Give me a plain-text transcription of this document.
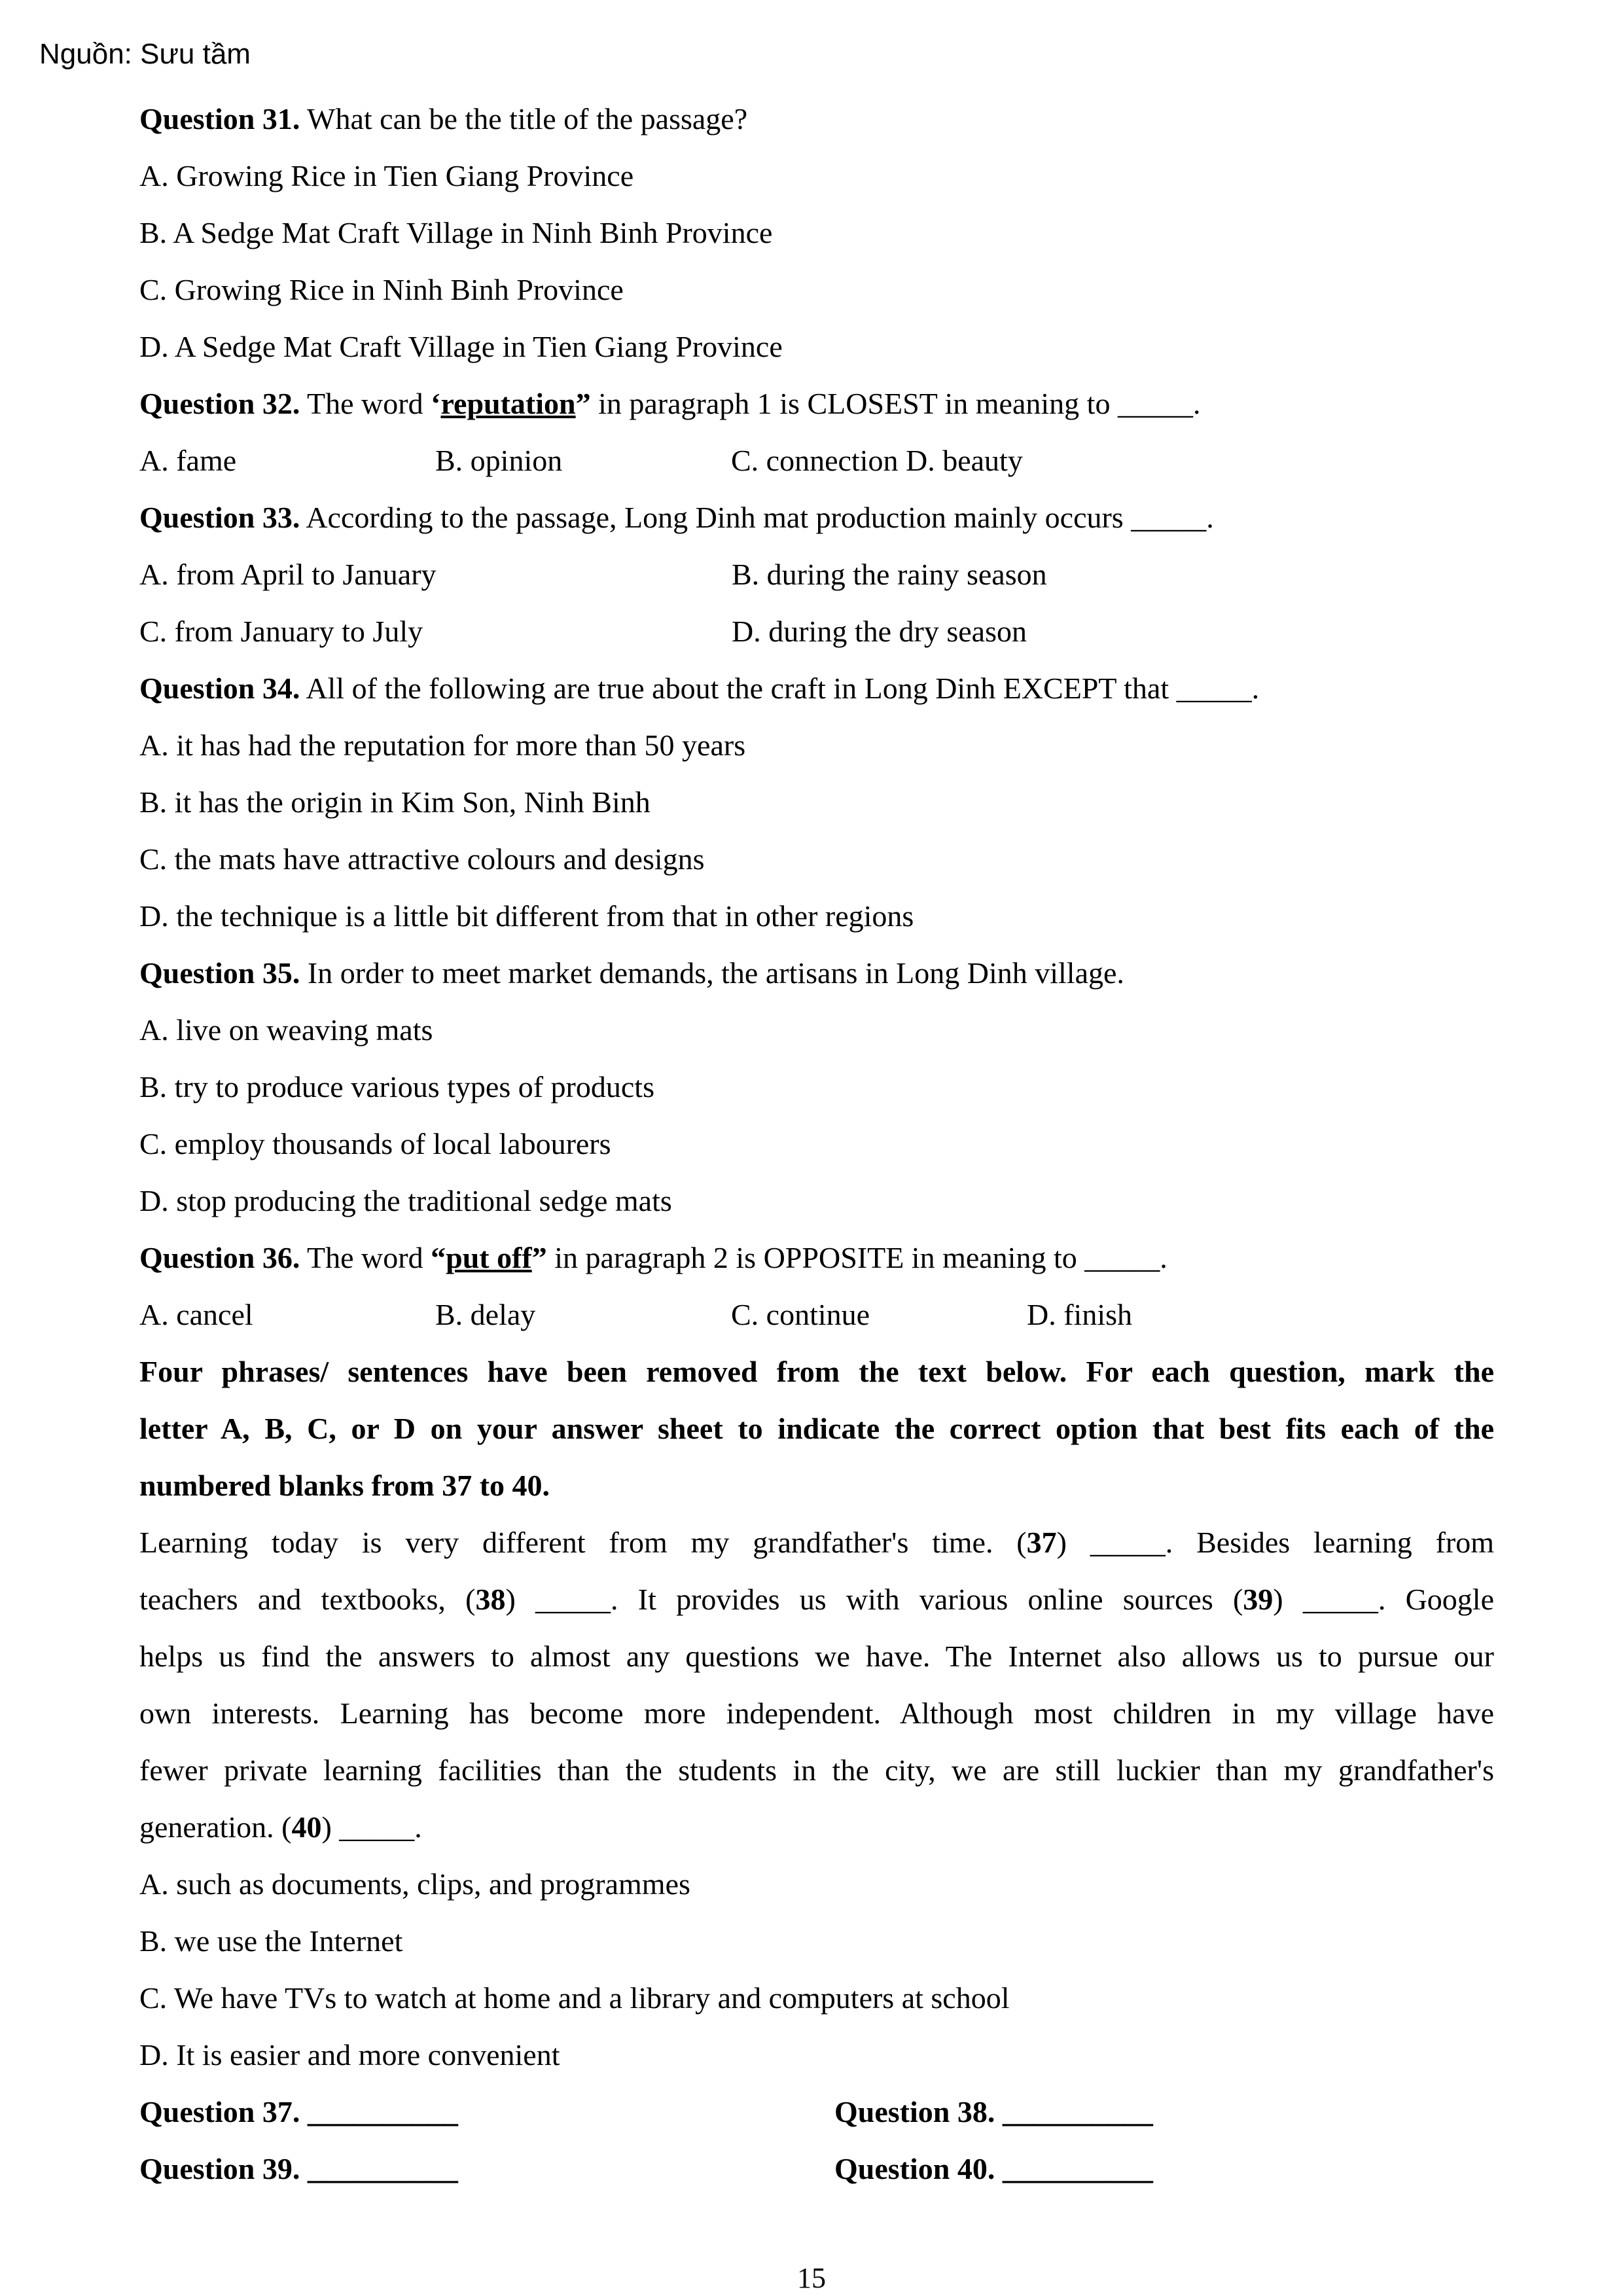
Nguồn: Sưu tầm
Question 31. What can be the title of the passage?
A. Growing Rice in Tien Giang Province
B. A Sedge Mat Craft Village in Ninh Binh Province
C. Growing Rice in Ninh Binh Province
D. A Sedge Mat Craft Village in Tien Giang Province
Question 32. The word ‘reputation” in paragraph 1 is CLOSEST in meaning to _____.
A. fame	B. opinion	C. connection D. beauty
Question 33. According to the passage, Long Dinh mat production mainly occurs _____.
A. from April to January	B. during the rainy season
C. from January to July	D. during the dry season
Question 34. All of the following are true about the craft in Long Dinh EXCEPT that _____.
A. it has had the reputation for more than 50 years
B. it has the origin in Kim Son, Ninh Binh
C. the mats have attractive colours and designs
D. the technique is a little bit different from that in other regions
Question 35. In order to meet market demands, the artisans in Long Dinh village.
A. live on weaving mats
B. try to produce various types of products
C. employ thousands of local labourers
D. stop producing the traditional sedge mats
Question 36. The word “put off” in paragraph 2 is OPPOSITE in meaning to _____.
A. cancel	B. delay	C. continue	D. finish
Four phrases/ sentences have been removed from the text below. For each question, mark the
letter A, B, C, or D on your answer sheet to indicate the correct option that best fits each of the
numbered blanks from 37 to 40.
Learning today is very different from my grandfather's time. (37) _____. Besides learning from
teachers and textbooks, (38) _____. It provides us with various online sources (39) _____. Google
helps us find the answers to almost any questions we have. The Internet also allows us to pursue our
own interests. Learning has become more independent. Although most children in my village have
fewer private learning facilities than the students in the city, we are still luckier than my grandfather's
generation. (40) _____.
A. such as documents, clips, and programmes
B. we use the Internet
C. We have TVs to watch at home and a library and computers at school
D. It is easier and more convenient
Question 37. __________	Question 38. __________
Question 39. __________	Question 40. __________
15
